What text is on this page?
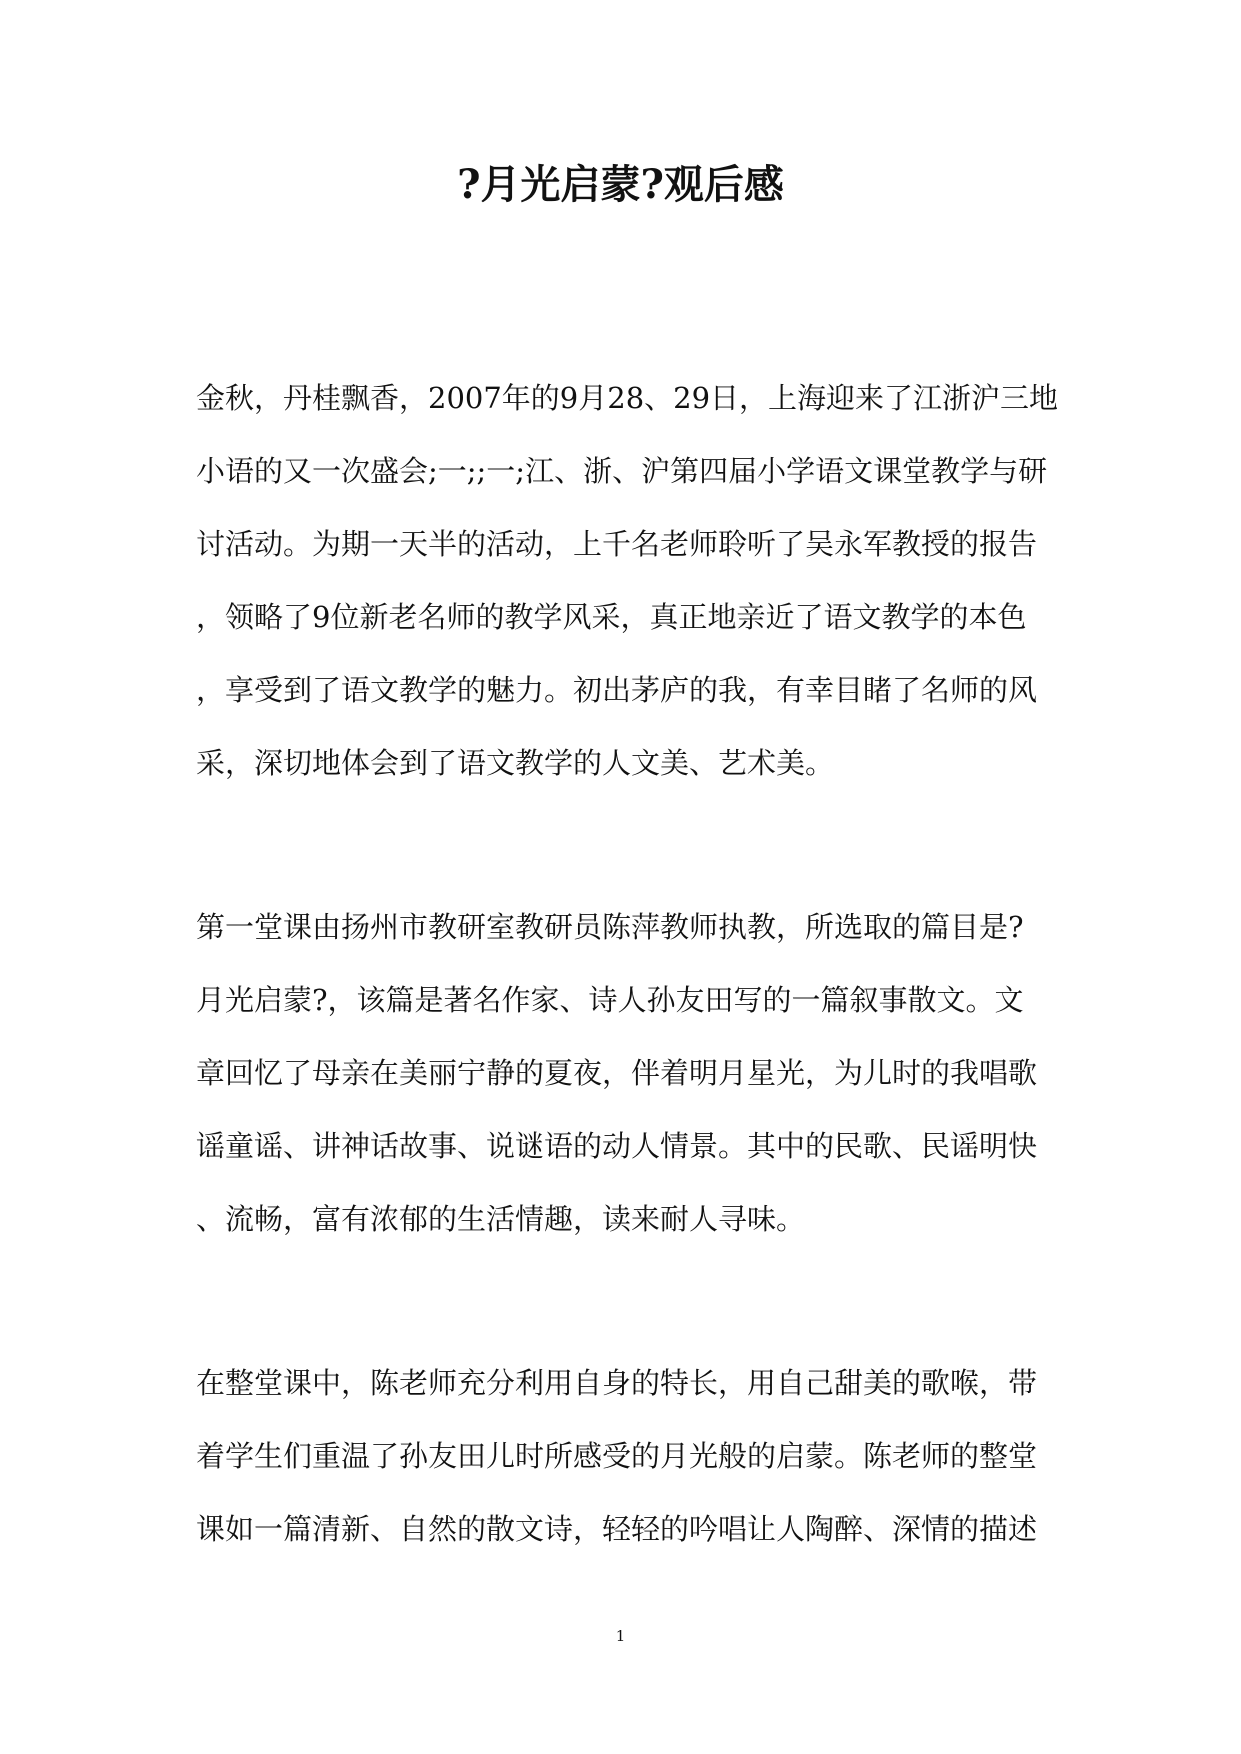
?月光启蒙?观后感

金秋，丹桂飘香，2007年的9月28、29日，上海迎来了江浙沪三地

小语的又一次盛会;一;;一;江、浙、沪第四届小学语文课堂教学与研

讨活动。为期一天半的活动，上千名老师聆听了吴永军教授的报告

，领略了9位新老名师的教学风采，真正地亲近了语文教学的本色

，享受到了语文教学的魅力。初出茅庐的我，有幸目睹了名师的风

采，深切地体会到了语文教学的人文美、艺术美。

第一堂课由扬州市教研室教研员陈萍教师执教，所选取的篇目是?

月光启蒙?，该篇是著名作家、诗人孙友田写的一篇叙事散文。文

章回忆了母亲在美丽宁静的夏夜，伴着明月星光，为儿时的我唱歌

谣童谣、讲神话故事、说谜语的动人情景。其中的民歌、民谣明快

、流畅，富有浓郁的生活情趣，读来耐人寻味。

在整堂课中，陈老师充分利用自身的特长，用自己甜美的歌喉，带

着学生们重温了孙友田儿时所感受的月光般的启蒙。陈老师的整堂

课如一篇清新、自然的散文诗，轻轻的吟唱让人陶醉、深情的描述

1
